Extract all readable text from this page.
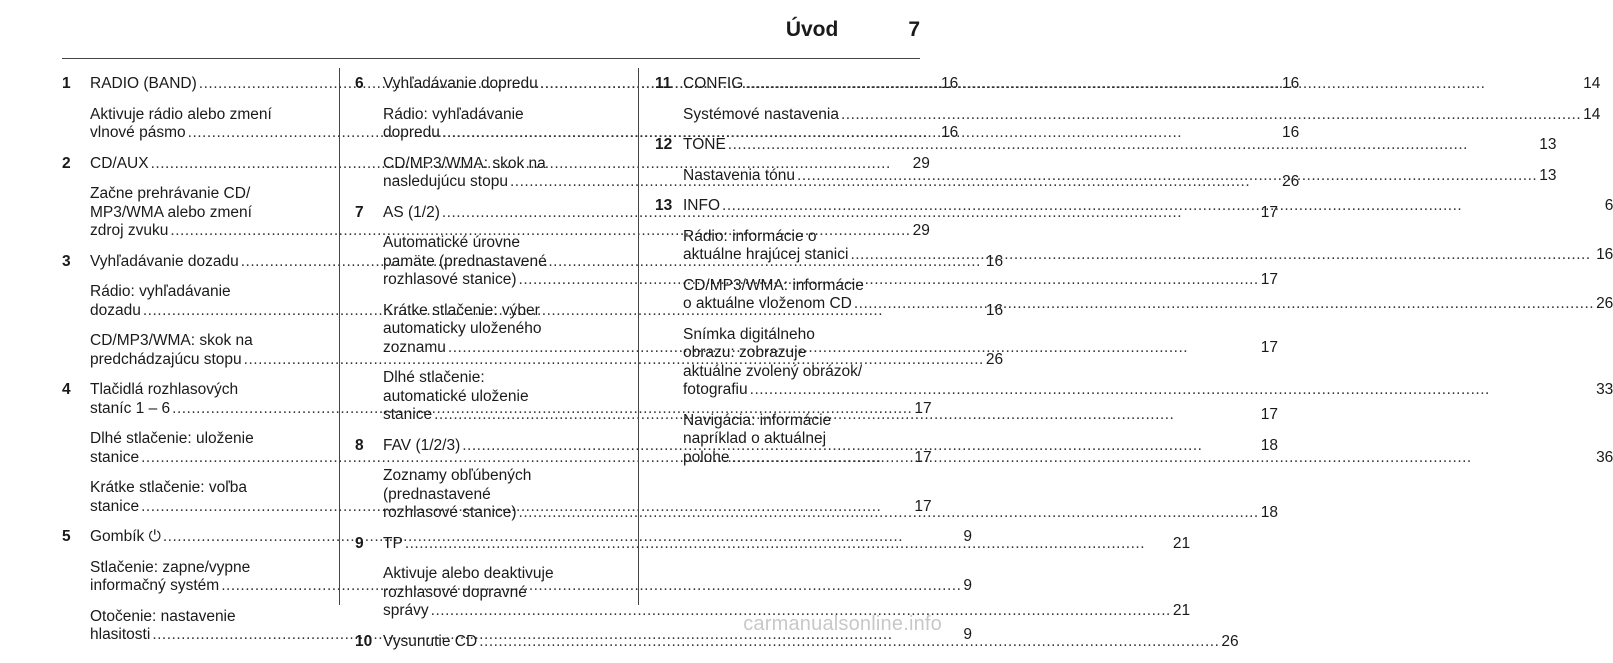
Úvod	7
1	RADIO (BAND) .....	16
Aktivuje rádio alebo zmení
vlnové pásmo .....	16
2	CD/AUX .....	29
Začne prehrávanie CD/
MP3/WMA alebo zmení
zdroj zvuku .....	29
3	Vyhľadávanie dozadu .....	16
Rádio: vyhľadávanie
dozadu .....	16
CD/MP3/WMA: skok na
predchádzajúcu stopu .....	26
4	Tlačidlá rozhlasových
staníc 1 – 6 .....	17
Dlhé stlačenie: uloženie
stanice .....	17
Krátke stlačenie: voľba
stanice .....	17
5	Gombík ⏻ .....	9
Stlačenie: zapne/vypne
informačný systém .....	9
Otočenie: nastavenie
hlasitosti .....	9
6	Vyhľadávanie dopredu .....	16
Rádio: vyhľadávanie
dopredu .....	16
CD/MP3/WMA: skok na
nasledujúcu stopu .....	26
7	AS (1/2) .....	17
Automatické úrovne
pamäte (prednastavené
rozhlasové stanice) .....	17
Krátke stlačenie: výber
automaticky uloženého
zoznamu .....	17
Dlhé stlačenie:
automatické uloženie
stanice .....	17
8	FAV (1/2/3) .....	18
Zoznamy obľúbených
(prednastavené
rozhlasové stanice) .....	18
9	TP .....	21
Aktivuje alebo deaktivuje
rozhlasové dopravné
správy .....	21
10 Vysunutie CD .....	26
11 CONFIG .....	14
Systémové nastavenia .....	14
12 TONE .....	13
Nastavenia tónu .....	13
13 INFO .....	6
Rádio: informácie o
aktuálne hrajúcej stanici .....	16
CD/MP3/WMA: informácie
o aktuálne vloženom CD .....	26
Snímka digitálneho
obrazu: zobrazuje
aktuálne zvolený obrázok/
fotografiu .....	33
Navigácia: informácie
napríklad o aktuálnej
polohe .....	36
carmanualsonline.info
